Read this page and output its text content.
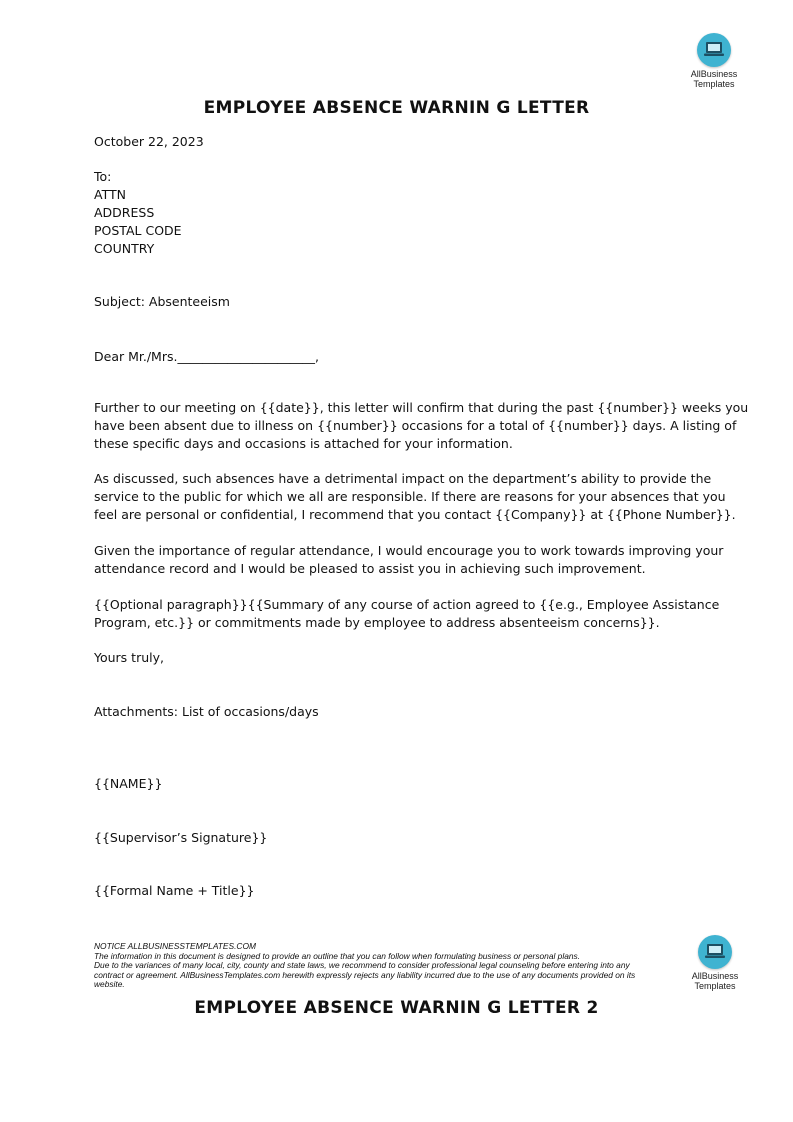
AllBusiness
Templates
EMPLOYEE ABSENCE WARNIN G LETTER
October 22, 2023
To:
ATTN
ADDRESS
POSTAL CODE
COUNTRY
Subject: Absenteeism
Dear Mr./Mrs.______________________,
Further to our meeting on {{date}}, this letter will confirm that during the past {{number}} weeks you
have been absent due to illness on {{number}} occasions for a total of {{number}} days. A listing of
these specific days and occasions is attached for your information.
As discussed, such absences have a detrimental impact on the department’s ability to provide the
service to the public for which we all are responsible. If there are reasons for your absences that you
feel are personal or confidential, I recommend that you contact {{Company}} at {{Phone Number}}.
Given the importance of regular attendance, I would encourage you to work towards improving your
attendance record and I would be pleased to assist you in achieving such improvement.
{{Optional paragraph}}{{Summary of any course of action agreed to {{e.g., Employee Assistance
Program, etc.}} or commitments made by employee to address absenteeism concerns}}.
Yours truly,
Attachments: List of occasions/days
{{NAME}}
{{Supervisor’s Signature}}
{{Formal Name + Title}}
NOTICE ALLBUSINESSTEMPLATES.COM
The information in this document is designed to provide an outline that you can follow when formulating business or personal plans.
Due to the variances of many local, city, county and state laws, we recommend to consider professional legal counseling before entering into any
contract or agreement. AllBusinessTemplates.com herewith expressly rejects any liability incurred due to the use of any documents provided on its
website.
AllBusiness
Templates
EMPLOYEE ABSENCE WARNIN G LETTER 2
